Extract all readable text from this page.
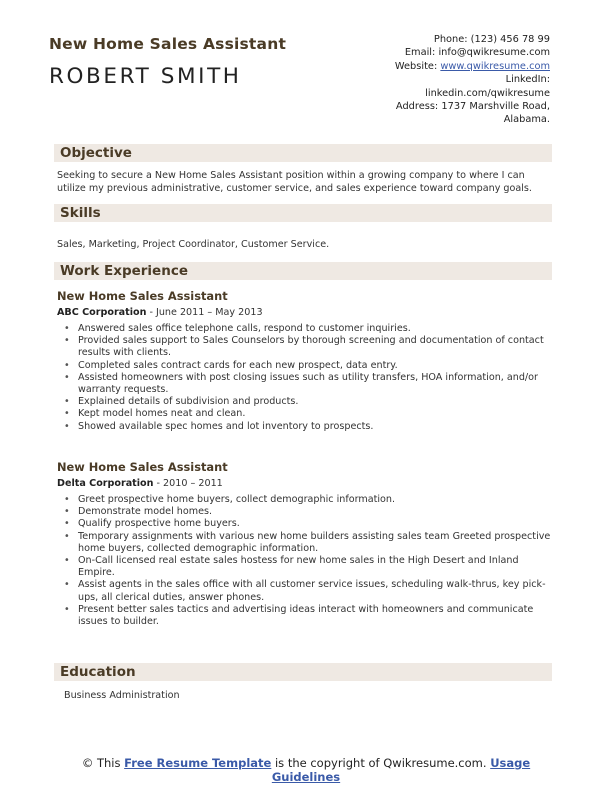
New Home Sales Assistant
ROBERT SMITH
Phone: (123) 456 78 99
Email: info@qwikresume.com
Website: www.qwikresume.com
LinkedIn:
linkedin.com/qwikresume
Address: 1737 Marshville Road,
Alabama.
Objective
Seeking to secure a New Home Sales Assistant position within a growing company to where I can utilize my previous administrative, customer service, and sales experience toward company goals.
Skills
Sales, Marketing, Project Coordinator, Customer Service.
Work Experience
New Home Sales Assistant
ABC Corporation - June 2011 – May 2013
• Answered sales office telephone calls, respond to customer inquiries.
• Provided sales support to Sales Counselors by thorough screening and documentation of contact results with clients.
• Completed sales contract cards for each new prospect, data entry.
• Assisted homeowners with post closing issues such as utility transfers, HOA information, and/or warranty requests.
• Explained details of subdivision and products.
• Kept model homes neat and clean.
• Showed available spec homes and lot inventory to prospects.
New Home Sales Assistant
Delta Corporation - 2010 – 2011
• Greet prospective home buyers, collect demographic information.
• Demonstrate model homes.
• Qualify prospective home buyers.
• Temporary assignments with various new home builders assisting sales team Greeted prospective home buyers, collected demographic information.
• On-Call licensed real estate sales hostess for new home sales in the High Desert and Inland Empire.
• Assist agents in the sales office with all customer service issues, scheduling walk-thrus, key pick-ups, all clerical duties, answer phones.
• Present better sales tactics and advertising ideas interact with homeowners and communicate issues to builder.
Education
Business Administration
© This Free Resume Template is the copyright of Qwikresume.com. Usage
Guidelines
